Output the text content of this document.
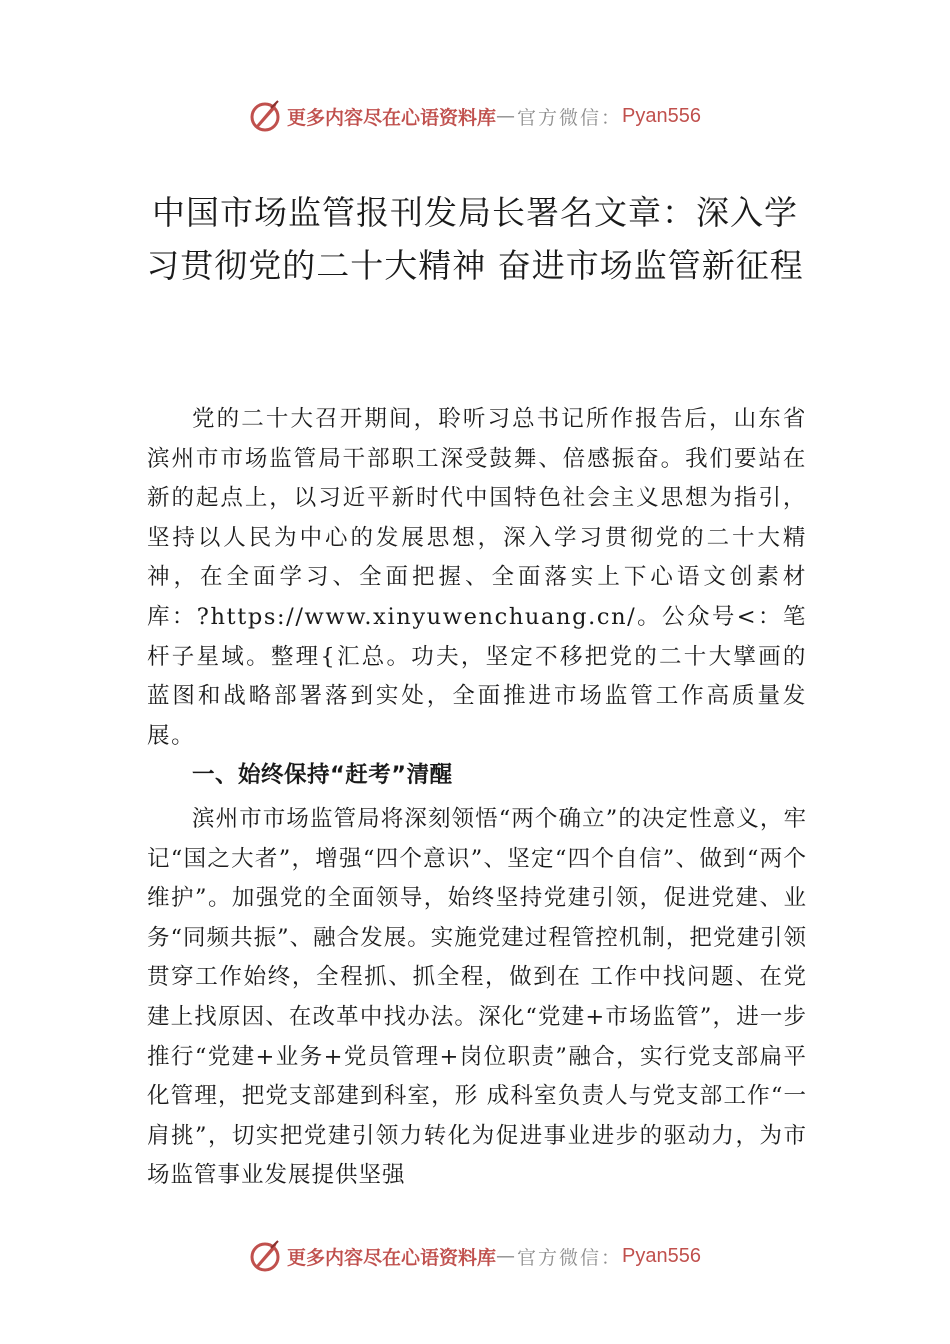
更多内容尽在心语资料库 — 官方微信： Pyan556
中国市场监管报刊发局长署名文章：深入学习贯彻党的二十大精神 奋进市场监管新征程

党的二十大召开期间，聆听习总书记所作报告后，山东省滨州市市场监管局干部职工深受鼓舞、倍感振奋。我们要站在新的起点上，以习近平新时代中国特色社会主义思想为指引，坚持以人民为中心的发展思想，深入学习贯彻党的二十大精神，在全面学习、全面把握、全面落实上下心语文创素材库：?https://www.xinyuwenchuang.cn/。公众号<：笔杆子星域。整理{汇总。功夫，坚定不移把党的二十大擘画的蓝图和战略部署落到实处，全面推进市场监管工作高质量发展。

一、始终保持“赶考”清醒

滨州市市场监管局将深刻领悟“两个确立”的决定性意义，牢记“国之大者”，增强“四个意识”、坚定“四个自信”、做到“两个维护”。加强党的全面领导，始终坚持党建引领，促进党建、业务“同频共振”、融合发展。实施党建过程管控机制，把党建引领贯穿工作始终，全程抓、抓全程，做到在 工作中找问题、在党建上找原因、在改革中找办法。深化“党建+市场监管”，进一步推行“党建+业务+党员管理+岗位职责”融合，实行党支部扁平化管理，把党支部建到科室，形 成科室负责人与党支部工作“一肩挑”，切实把党建引领力转化为促进事业进步的驱动力，为市场监管事业发展提供坚强

更多内容尽在心语资料库 — 官方微信： Pyan556
